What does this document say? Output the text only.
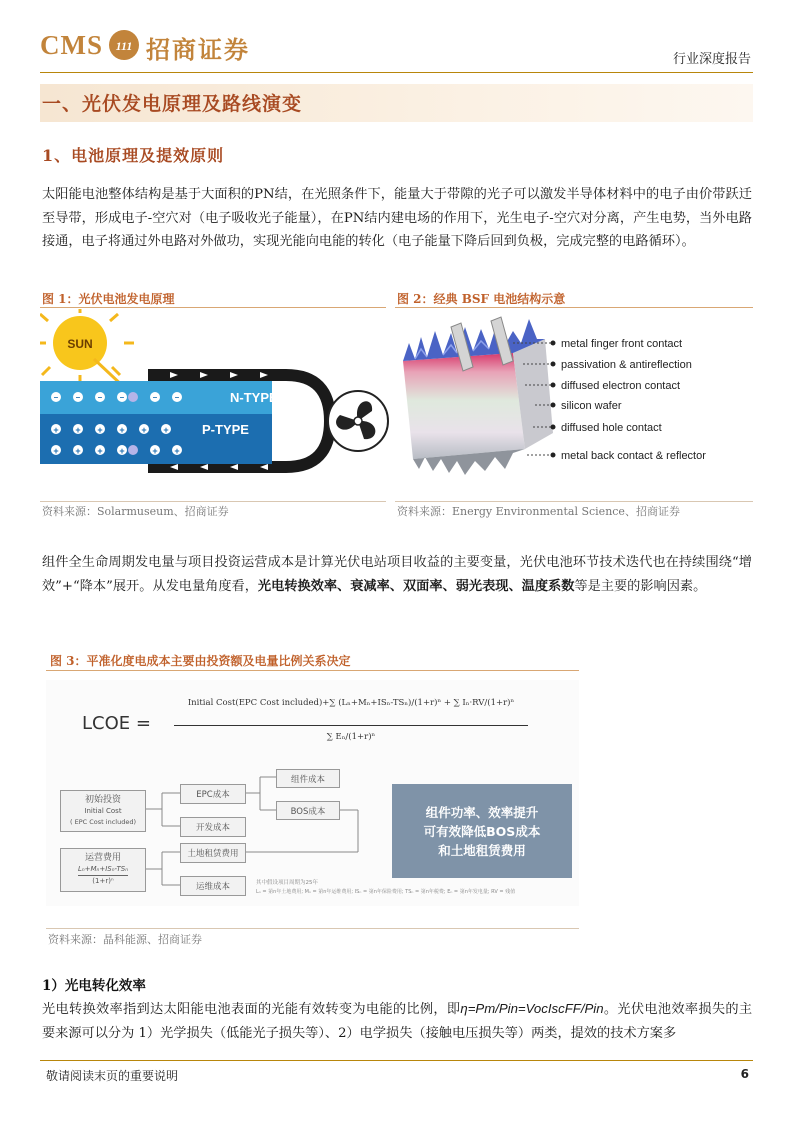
CMS 111 招商证券	行业深度报告
一、光伏发电原理及路线演变
1、电池原理及提效原则
太阳能电池整体结构是基于大面积的PN结，在光照条件下，能量大于带隙的光子可以激发半导体材料中的电子由价带跃迁至导带，形成电子-空穴对（电子吸收光子能量），在PN结内建电场的作用下，光生电子-空穴对分离，产生电势，当外电路接通，电子将通过外电路对外做功，实现光能向电能的转化（电子能量下降后回到负极，完成完整的电路循环）。
图 1：光伏电池发电原理
SUN
– – – –	– –	N-TYPE
+ + + + + +
+ + + +	+ +
P-TYPE
资料来源：Solarmuseum、招商证券
图 2：经典 BSF 电池结构示意
metal finger front contact
passivation & antireflection
diffused electron contact
silicon wafer
diffused hole contact
metal back contact & reflector
资料来源：Energy Environmental Science、招商证券
组件全生命周期发电量与项目投资运营成本是计算光伏电站项目收益的主要变量，光伏电池环节技术迭代也在持续围绕“增效”+“降本”展开。从发电量角度看，光电转换效率、衰减率、双面率、弱光表现、温度系数等是主要的影响因素。
图 3：平准化度电成本主要由投资额及电量比例关系决定
LCOE =
Initial Cost(EPC Cost included)+∑ (Lₙ+Mₙ+ISₙ-TSₙ)/(1+r)ⁿ + ∑ Iₙ·RV/(1+r)ⁿ
∑ Eₙ/(1+r)ⁿ
初始投资
Initial Cost
( EPC Cost included)
EPC成本
开发成本
组件成本
BOS成本
运营费用
Lₙ+Mₙ+ISₙ-TSₙ
(1+r)ⁿ
土地租赁费用
运维成本
组件功率、效率提升
可有效降低BOS成本
和土地租赁费用
其中假设项目周期为25年
Lₙ = 第n年土地费用; Mₙ = 第n年运维费用; ISₙ = 第n年保险费用; TSₙ = 第n年税费; Eₙ = 第n年发电量; RV = 残值
资料来源：晶科能源、招商证券
1）光电转化效率
光电转换效率指到达太阳能电池表面的光能有效转变为电能的比例，即η=Pm/Pin=VocIscFF/Pin。光伏电池效率损失的主要来源可以分为 1）光学损失（低能光子损失等）、2）电学损失（接触电压损失等）两类，提效的技术方案多
敬请阅读末页的重要说明	6
